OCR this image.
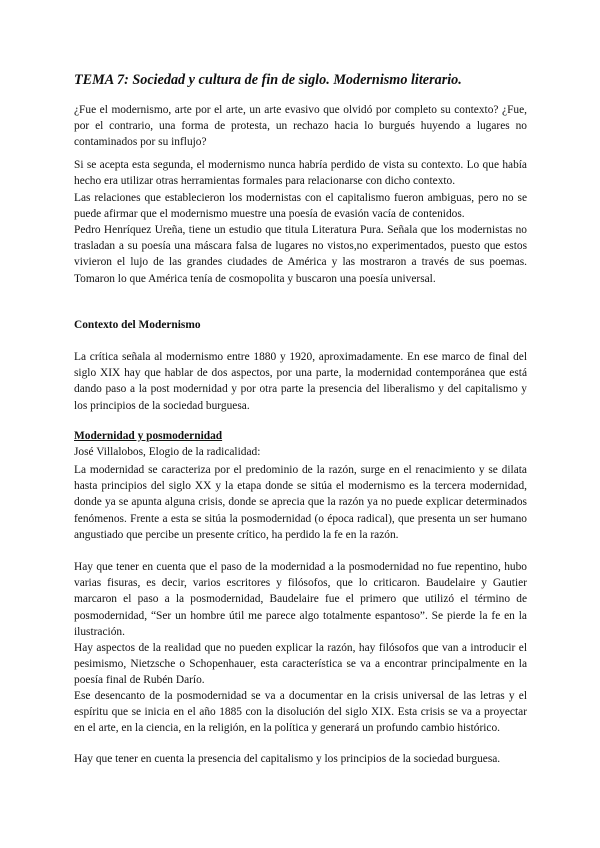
TEMA 7: Sociedad y cultura de fin de siglo. Modernismo literario.

¿Fue el modernismo, arte por el arte, un arte evasivo que olvidó por completo su contexto? ¿Fue, por el contrario, una forma de protesta, un rechazo hacia lo burgués huyendo a lugares no contaminados por su influjo?

Si se acepta esta segunda, el modernismo nunca habría perdido de vista su contexto. Lo que había hecho era utilizar otras herramientas formales para relacionarse con dicho contexto.

Las relaciones que establecieron los modernistas con el capitalismo fueron ambiguas, pero no se puede afirmar que el modernismo muestre una poesía de evasión vacía de contenidos.

Pedro Henríquez Ureña, tiene un estudio que titula Literatura Pura. Señala que los modernistas no trasladan a su poesía una máscara falsa de lugares no vistos,no experimentados, puesto que estos vivieron el lujo de las grandes ciudades de América y las mostraron a través de sus poemas. Tomaron lo que América tenía de cosmopolita y buscaron una poesía universal.

Contexto del Modernismo

La crítica señala al modernismo entre 1880 y 1920, aproximadamente. En ese marco de final del siglo XIX hay que hablar de dos aspectos, por una parte, la modernidad contemporánea que está dando paso a la post modernidad y por otra parte la presencia del liberalismo y del capitalismo y los principios de la sociedad burguesa.

Modernidad y posmodernidad

José Villalobos, Elogio de la radicalidad:

La modernidad se caracteriza por el predominio de la razón, surge en el renacimiento y se dilata hasta principios del siglo XX y la etapa donde se sitúa el modernismo es la tercera modernidad, donde ya se apunta alguna crisis, donde se aprecia que la razón ya no puede explicar determinados fenómenos. Frente a esta se sitúa la posmodernidad (o época radical), que presenta un ser humano angustiado que percibe un presente crítico, ha perdido la fe en la razón.

Hay que tener en cuenta que el paso de la modernidad a la posmodernidad no fue repentino, hubo varias fisuras, es decir, varios escritores y filósofos, que lo criticaron. Baudelaire y Gautier marcaron el paso a la posmodernidad, Baudelaire fue el primero que utilizó el término de posmodernidad, “Ser un hombre útil me parece algo totalmente espantoso”. Se pierde la fe en la ilustración.

Hay aspectos de la realidad que no pueden explicar la razón, hay filósofos que van a introducir el pesimismo, Nietzsche o Schopenhauer, esta característica se va a encontrar principalmente en la poesía final de Rubén Darío.

Ese desencanto de la posmodernidad se va a documentar en la crisis universal de las letras y el espíritu que se inicia en el año 1885 con la disolución del siglo XIX. Esta crisis se va a proyectar en el arte, en la ciencia, en la religión, en la política y generará un profundo cambio histórico.

Hay que tener en cuenta la presencia del capitalismo y los principios de la sociedad burguesa.
